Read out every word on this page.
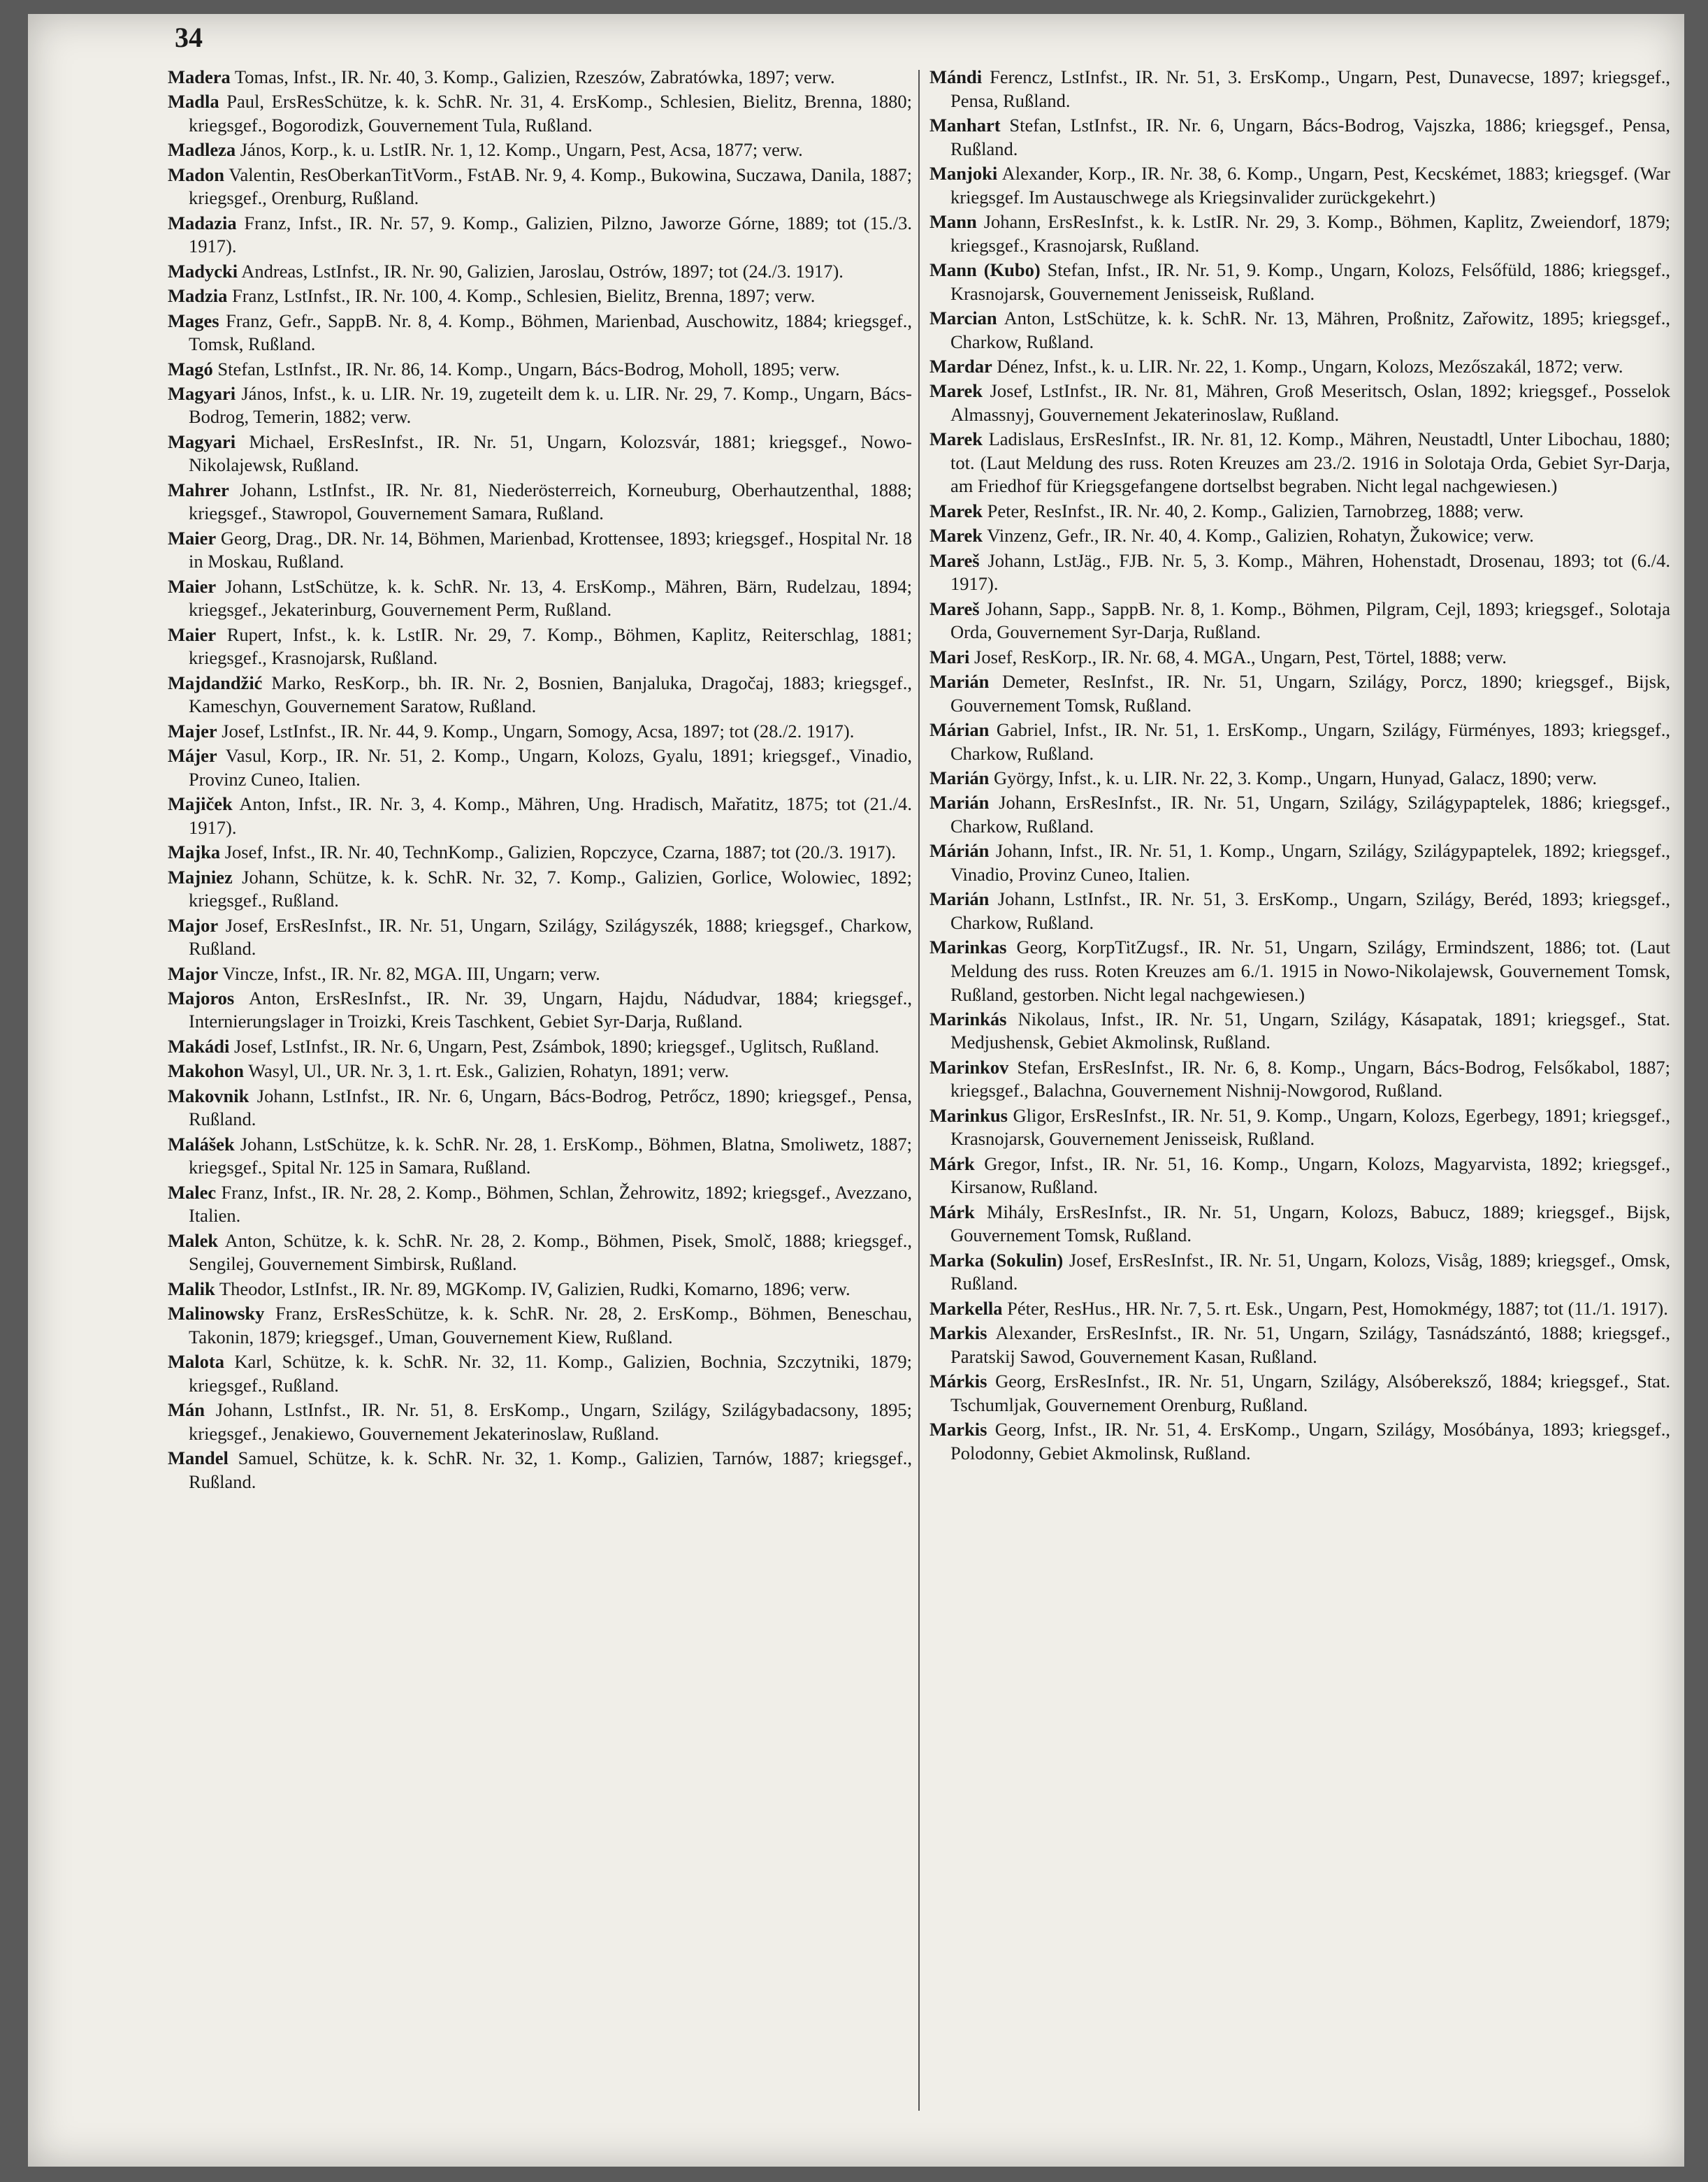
34

Madera Tomas, Infst., IR. Nr. 40, 3. Komp., Galizien, Rzeszów, Zabratówka, 1897; verw.

Madla Paul, ErsResSchütze, k. k. SchR. Nr. 31, 4. ErsKomp., Schlesien, Bielitz, Brenna, 1880; kriegsgef., Bogorodizk, Gouvernement Tula, Rußland.

Madleza János, Korp., k. u. LstIR. Nr. 1, 12. Komp., Ungarn, Pest, Acsa, 1877; verw.

Madon Valentin, ResOberkanTitVorm., FstAB. Nr. 9, 4. Komp., Bukowina, Suczawa, Danila, 1887; kriegsgef., Orenburg, Rußland.

Madazia Franz, Infst., IR. Nr. 57, 9. Komp., Galizien, Pilzno, Jaworze Górne, 1889; tot (15./3. 1917).

Madycki Andreas, LstInfst., IR. Nr. 90, Galizien, Jaroslau, Ostrów, 1897; tot (24./3. 1917).

Madzia Franz, LstInfst., IR. Nr. 100, 4. Komp., Schlesien, Bielitz, Brenna, 1897; verw.

Mages Franz, Gefr., SappB. Nr. 8, 4. Komp., Böhmen, Marienbad, Auschowitz, 1884; kriegsgef., Tomsk, Rußland.

Magó Stefan, LstInfst., IR. Nr. 86, 14. Komp., Ungarn, Bács-Bodrog, Moholl, 1895; verw.

Magyari János, Infst., k. u. LIR. Nr. 19, zugeteilt dem k. u. LIR. Nr. 29, 7. Komp., Ungarn, Bács-Bodrog, Temerin, 1882; verw.

Magyari Michael, ErsResInfst., IR. Nr. 51, Ungarn, Kolozsvár, 1881; kriegsgef., Nowo-Nikolajewsk, Rußland.

Mahrer Johann, LstInfst., IR. Nr. 81, Niederösterreich, Korneuburg, Oberhautzenthal, 1888; kriegsgef., Stawropol, Gouvernement Samara, Rußland.

Maier Georg, Drag., DR. Nr. 14, Böhmen, Marienbad, Krottensee, 1893; kriegsgef., Hospital Nr. 18 in Moskau, Rußland.

Maier Johann, LstSchütze, k. k. SchR. Nr. 13, 4. ErsKomp., Mähren, Bärn, Rudelzau, 1894; kriegsgef., Jekaterinburg, Gouvernement Perm, Rußland.

Maier Rupert, Infst., k. k. LstIR. Nr. 29, 7. Komp., Böhmen, Kaplitz, Reiterschlag, 1881; kriegsgef., Krasnojarsk, Rußland.

Majdandžić Marko, ResKorp., bh. IR. Nr. 2, Bosnien, Banjaluka, Dragočaj, 1883; kriegsgef., Kameschyn, Gouvernement Saratow, Rußland.

Majer Josef, LstInfst., IR. Nr. 44, 9. Komp., Ungarn, Somogy, Acsa, 1897; tot (28./2. 1917).

Májer Vasul, Korp., IR. Nr. 51, 2. Komp., Ungarn, Kolozs, Gyalu, 1891; kriegsgef., Vinadio, Provinz Cuneo, Italien.

Majiček Anton, Infst., IR. Nr. 3, 4. Komp., Mähren, Ung. Hradisch, Mařatitz, 1875; tot (21./4. 1917).

Majka Josef, Infst., IR. Nr. 40, TechnKomp., Galizien, Ropczyce, Czarna, 1887; tot (20./3. 1917).

Majniez Johann, Schütze, k. k. SchR. Nr. 32, 7. Komp., Galizien, Gorlice, Wolowiec, 1892; kriegsgef., Rußland.

Major Josef, ErsResInfst., IR. Nr. 51, Ungarn, Szilágy, Szilágyszék, 1888; kriegsgef., Charkow, Rußland.

Major Vincze, Infst., IR. Nr. 82, MGA. III, Ungarn; verw.

Majoros Anton, ErsResInfst., IR. Nr. 39, Ungarn, Hajdu, Nádudvar, 1884; kriegsgef., Internierungslager in Troizki, Kreis Taschkent, Gebiet Syr-Darja, Rußland.

Makádi Josef, LstInfst., IR. Nr. 6, Ungarn, Pest, Zsámbok, 1890; kriegsgef., Uglitsch, Rußland.

Makohon Wasyl, Ul., UR. Nr. 3, 1. rt. Esk., Galizien, Rohatyn, 1891; verw.

Makovnik Johann, LstInfst., IR. Nr. 6, Ungarn, Bács-Bodrog, Petrőcz, 1890; kriegsgef., Pensa, Rußland.

Malášek Johann, LstSchütze, k. k. SchR. Nr. 28, 1. ErsKomp., Böhmen, Blatna, Smoliwetz, 1887; kriegsgef., Spital Nr. 125 in Samara, Rußland.

Malec Franz, Infst., IR. Nr. 28, 2. Komp., Böhmen, Schlan, Žehrowitz, 1892; kriegsgef., Avezzano, Italien.

Malek Anton, Schütze, k. k. SchR. Nr. 28, 2. Komp., Böhmen, Pisek, Smolč, 1888; kriegsgef., Sengilej, Gouvernement Simbirsk, Rußland.

Malik Theodor, LstInfst., IR. Nr. 89, MGKomp. IV, Galizien, Rudki, Komarno, 1896; verw.

Malinowsky Franz, ErsResSchütze, k. k. SchR. Nr. 28, 2. ErsKomp., Böhmen, Beneschau, Takonin, 1879; kriegsgef., Uman, Gouvernement Kiew, Rußland.

Malota Karl, Schütze, k. k. SchR. Nr. 32, 11. Komp., Galizien, Bochnia, Szczytniki, 1879; kriegsgef., Rußland.

Mán Johann, LstInfst., IR. Nr. 51, 8. ErsKomp., Ungarn, Szilágy, Szilágybadacsony, 1895; kriegsgef., Jenakiewo, Gouvernement Jekaterinoslaw, Rußland.

Mandel Samuel, Schütze, k. k. SchR. Nr. 32, 1. Komp., Galizien, Tarnów, 1887; kriegsgef., Rußland.

Mándi Ferencz, LstInfst., IR. Nr. 51, 3. ErsKomp., Ungarn, Pest, Dunavecse, 1897; kriegsgef., Pensa, Rußland.

Manhart Stefan, LstInfst., IR. Nr. 6, Ungarn, Bács-Bodrog, Vajszka, 1886; kriegsgef., Pensa, Rußland.

Manjoki Alexander, Korp., IR. Nr. 38, 6. Komp., Ungarn, Pest, Kecskémet, 1883; kriegsgef. (War kriegsgef. Im Austauschwege als Kriegsinvalider zurückgekehrt.)

Mann Johann, ErsResInfst., k. k. LstIR. Nr. 29, 3. Komp., Böhmen, Kaplitz, Zweiendorf, 1879; kriegsgef., Krasnojarsk, Rußland.

Mann (Kubo) Stefan, Infst., IR. Nr. 51, 9. Komp., Ungarn, Kolozs, Felsőfüld, 1886; kriegsgef., Krasnojarsk, Gouvernement Jenisseisk, Rußland.

Marcian Anton, LstSchütze, k. k. SchR. Nr. 13, Mähren, Proßnitz, Zařowitz, 1895; kriegsgef., Charkow, Rußland.

Mardar Dénez, Infst., k. u. LIR. Nr. 22, 1. Komp., Ungarn, Kolozs, Mezőszakál, 1872; verw.

Marek Josef, LstInfst., IR. Nr. 81, Mähren, Groß Meseritsch, Oslan, 1892; kriegsgef., Posselok Almassnyj, Gouvernement Jekaterinoslaw, Rußland.

Marek Ladislaus, ErsResInfst., IR. Nr. 81, 12. Komp., Mähren, Neustadtl, Unter Libochau, 1880; tot. (Laut Meldung des russ. Roten Kreuzes am 23./2. 1916 in Solotaja Orda, Gebiet Syr-Darja, am Friedhof für Kriegsgefangene dortselbst begraben. Nicht legal nachgewiesen.)

Marek Peter, ResInfst., IR. Nr. 40, 2. Komp., Galizien, Tarnobrzeg, 1888; verw.

Marek Vinzenz, Gefr., IR. Nr. 40, 4. Komp., Galizien, Rohatyn, Žukowice; verw.

Mareš Johann, LstJäg., FJB. Nr. 5, 3. Komp., Mähren, Hohenstadt, Drosenau, 1893; tot (6./4. 1917).

Mareš Johann, Sapp., SappB. Nr. 8, 1. Komp., Böhmen, Pilgram, Cejl, 1893; kriegsgef., Solotaja Orda, Gouvernement Syr-Darja, Rußland.

Mari Josef, ResKorp., IR. Nr. 68, 4. MGA., Ungarn, Pest, Törtel, 1888; verw.

Marián Demeter, ResInfst., IR. Nr. 51, Ungarn, Szilágy, Porcz, 1890; kriegsgef., Bijsk, Gouvernement Tomsk, Rußland.

Márian Gabriel, Infst., IR. Nr. 51, 1. ErsKomp., Ungarn, Szilágy, Fürményes, 1893; kriegsgef., Charkow, Rußland.

Marián György, Infst., k. u. LIR. Nr. 22, 3. Komp., Ungarn, Hunyad, Galacz, 1890; verw.

Marián Johann, ErsResInfst., IR. Nr. 51, Ungarn, Szilágy, Szilágypaptelek, 1886; kriegsgef., Charkow, Rußland.

Márián Johann, Infst., IR. Nr. 51, 1. Komp., Ungarn, Szilágy, Szilágypaptelek, 1892; kriegsgef., Vinadio, Provinz Cuneo, Italien.

Marián Johann, LstInfst., IR. Nr. 51, 3. ErsKomp., Ungarn, Szilágy, Beréd, 1893; kriegsgef., Charkow, Rußland.

Marinkas Georg, KorpTitZugsf., IR. Nr. 51, Ungarn, Szilágy, Ermindszent, 1886; tot. (Laut Meldung des russ. Roten Kreuzes am 6./1. 1915 in Nowo-Nikolajewsk, Gouvernement Tomsk, Rußland, gestorben. Nicht legal nachgewiesen.)

Marinkás Nikolaus, Infst., IR. Nr. 51, Ungarn, Szilágy, Kásapatak, 1891; kriegsgef., Stat. Medjushensk, Gebiet Akmolinsk, Rußland.

Marinkov Stefan, ErsResInfst., IR. Nr. 6, 8. Komp., Ungarn, Bács-Bodrog, Felsőkabol, 1887; kriegsgef., Balachna, Gouvernement Nishnij-Nowgorod, Rußland.

Marinkus Gligor, ErsResInfst., IR. Nr. 51, 9. Komp., Ungarn, Kolozs, Egerbegy, 1891; kriegsgef., Krasnojarsk, Gouvernement Jenisseisk, Rußland.

Márk Gregor, Infst., IR. Nr. 51, 16. Komp., Ungarn, Kolozs, Magyarvista, 1892; kriegsgef., Kirsanow, Rußland.

Márk Mihály, ErsResInfst., IR. Nr. 51, Ungarn, Kolozs, Babucz, 1889; kriegsgef., Bijsk, Gouvernement Tomsk, Rußland.

Marka (Sokulin) Josef, ErsResInfst., IR. Nr. 51, Ungarn, Kolozs, Visåg, 1889; kriegsgef., Omsk, Rußland.

Markella Péter, ResHus., HR. Nr. 7, 5. rt. Esk., Ungarn, Pest, Homokmégy, 1887; tot (11./1. 1917).

Markis Alexander, ErsResInfst., IR. Nr. 51, Ungarn, Szilágy, Tasnádszántó, 1888; kriegsgef., Paratskij Sawod, Gouvernement Kasan, Rußland.

Márkis Georg, ErsResInfst., IR. Nr. 51, Ungarn, Szilágy, Alsóbereksző, 1884; kriegsgef., Stat. Tschumljak, Gouvernement Orenburg, Rußland.

Markis Georg, Infst., IR. Nr. 51, 4. ErsKomp., Ungarn, Szilágy, Mosóbánya, 1893; kriegsgef., Polodonny, Gebiet Akmolinsk, Rußland.
